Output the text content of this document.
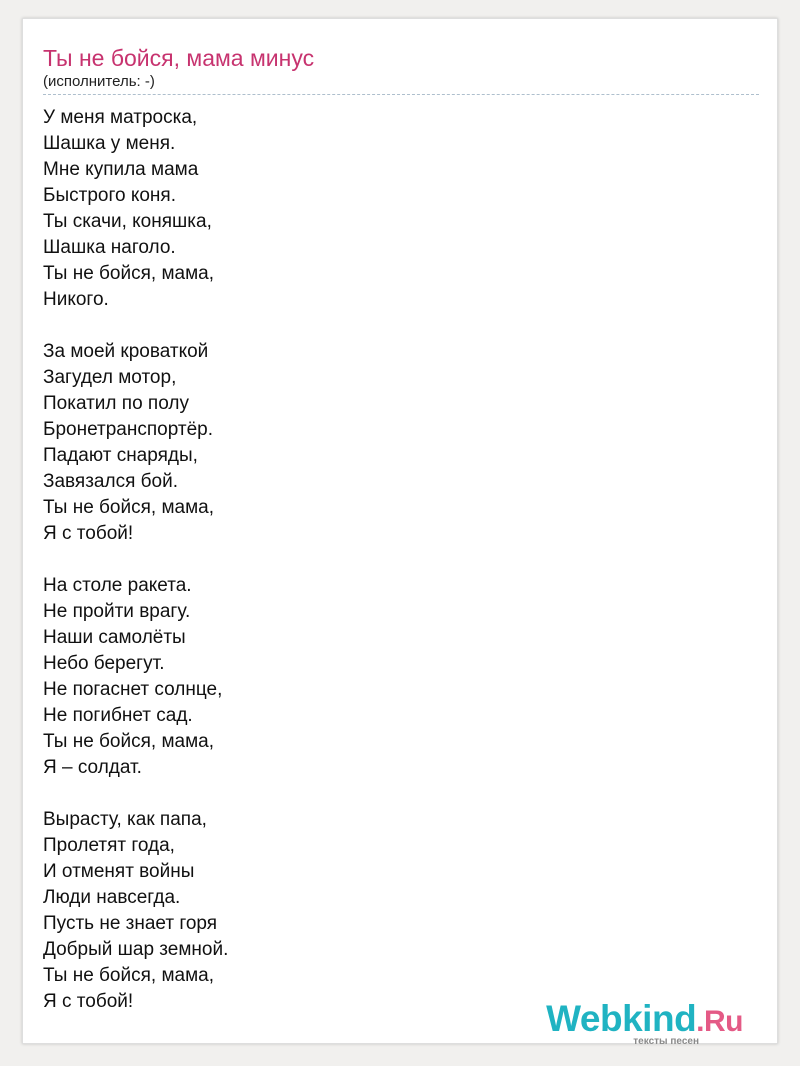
Ты не бойся, мама минус
(исполнитель: -)
У меня матроска,
Шашка у меня.
Мне купила мама
Быстрого коня.
Ты скачи, коняшка,
Шашка наголо.
Ты не бойся, мама,
Никого.
За моей кроваткой
Загудел мотор,
Покатил по полу
Бронетранспортёр.
Падают снаряды,
Завязался бой.
Ты не бойся, мама,
Я с тобой!
На столе ракета.
Не пройти врагу.
Наши самолёты
Небо берегут.
Не погаснет солнце,
Не погибнет сад.
Ты не бойся, мама,
Я – солдат.
Вырасту, как папа,
Пролетят года,
И отменят войны
Люди навсегда.
Пусть не знает горя
Добрый шар земной.
Ты не бойся, мама,
Я с тобой!	Webkind.Ru
тексты песен
